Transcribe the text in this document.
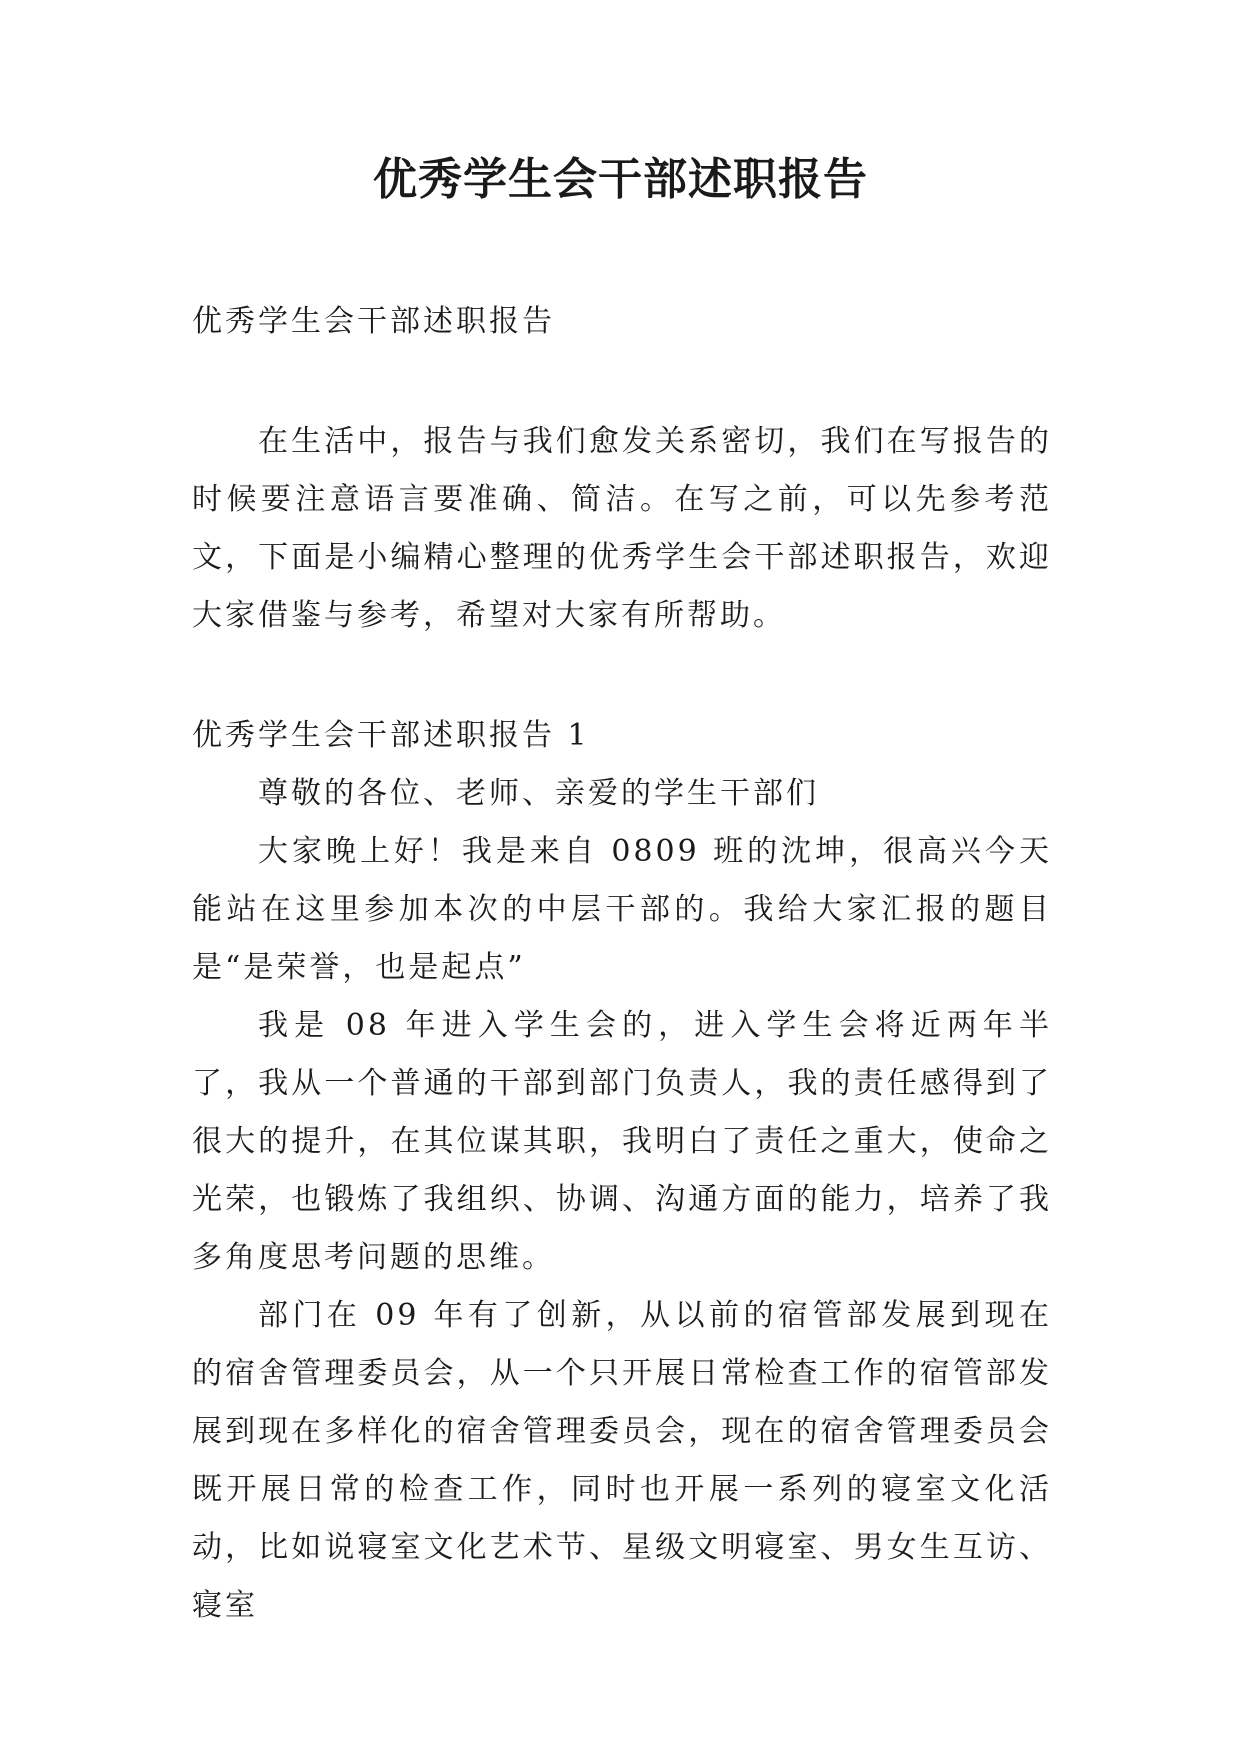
优秀学生会干部述职报告

优秀学生会干部述职报告

在生活中，报告与我们愈发关系密切，我们在写报告的时候要注意语言要准确、简洁。在写之前，可以先参考范文，下面是小编精心整理的优秀学生会干部述职报告，欢迎大家借鉴与参考，希望对大家有所帮助。

优秀学生会干部述职报告 1

尊敬的各位、老师、亲爱的学生干部们

大家晚上好！我是来自 0809 班的沈坤，很高兴今天能站在这里参加本次的中层干部的。我给大家汇报的题目是“是荣誉，也是起点”

我是 08 年进入学生会的，进入学生会将近两年半了，我从一个普通的干部到部门负责人，我的责任感得到了很大的提升，在其位谋其职，我明白了责任之重大，使命之光荣，也锻炼了我组织、协调、沟通方面的能力，培养了我多角度思考问题的思维。

部门在 09 年有了创新，从以前的宿管部发展到现在的宿舍管理委员会，从一个只开展日常检查工作的宿管部发展到现在多样化的宿舍管理委员会，现在的宿舍管理委员会既开展日常的检查工作，同时也开展一系列的寝室文化活动，比如说寝室文化艺术节、星级文明寝室、男女生互访、寝室
